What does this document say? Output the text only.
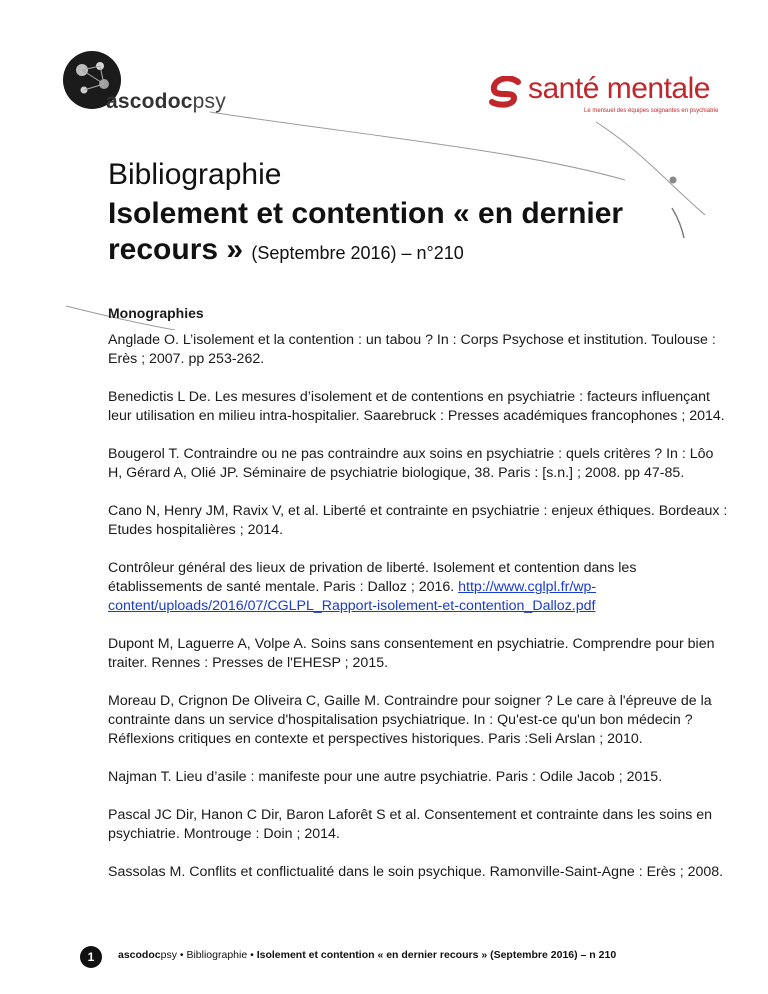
ascodocpsy	santé mentale
Le mensuel des équipes soignantes en psychiatrie
Bibliographie
Isolement et contention « en dernier
recours » (Septembre 2016) – n°210
Monographies
Anglade O. L’isolement et la contention : un tabou ? In : Corps Psychose et institution. Toulouse : Erès ; 2007. pp 253-262.
Benedictis L De. Les mesures d’isolement et de contentions en psychiatrie : facteurs influençant leur utilisation en milieu intra-hospitalier. Saarebruck : Presses académiques francophones ; 2014.
Bougerol T. Contraindre ou ne pas contraindre aux soins en psychiatrie : quels critères ? In : Lôo H, Gérard A, Olié JP. Séminaire de psychiatrie biologique, 38. Paris : [s.n.] ; 2008. pp 47-85.
Cano N, Henry JM, Ravix V, et al. Liberté et contrainte en psychiatrie : enjeux éthiques. Bordeaux : Etudes hospitalières ; 2014.
Contrôleur général des lieux de privation de liberté. Isolement et contention dans les établissements de santé mentale. Paris : Dalloz ; 2016. http://www.cglpl.fr/wp-content/uploads/2016/07/CGLPL_Rapport-isolement-et-contention_Dalloz.pdf
Dupont M, Laguerre A, Volpe A. Soins sans consentement en psychiatrie. Comprendre pour bien traiter. Rennes : Presses de l'EHESP ; 2015.
Moreau D, Crignon De Oliveira C, Gaille M. Contraindre pour soigner ? Le care à l'épreuve de la contrainte dans un service d'hospitalisation psychiatrique. In : Qu'est-ce qu'un bon médecin ? Réflexions critiques en contexte et perspectives historiques. Paris :Seli Arslan ; 2010.
Najman T. Lieu d’asile : manifeste pour une autre psychiatrie. Paris : Odile Jacob ; 2015.
Pascal JC Dir, Hanon C Dir, Baron Laforêt S et al. Consentement et contrainte dans les soins en psychiatrie. Montrouge : Doin ; 2014.
Sassolas M. Conflits et conflictualité dans le soin psychique. Ramonville-Saint-Agne : Erès ; 2008.
1	ascodocpsy • Bibliographie • Isolement et contention « en dernier recours » (Septembre 2016) – n 210
